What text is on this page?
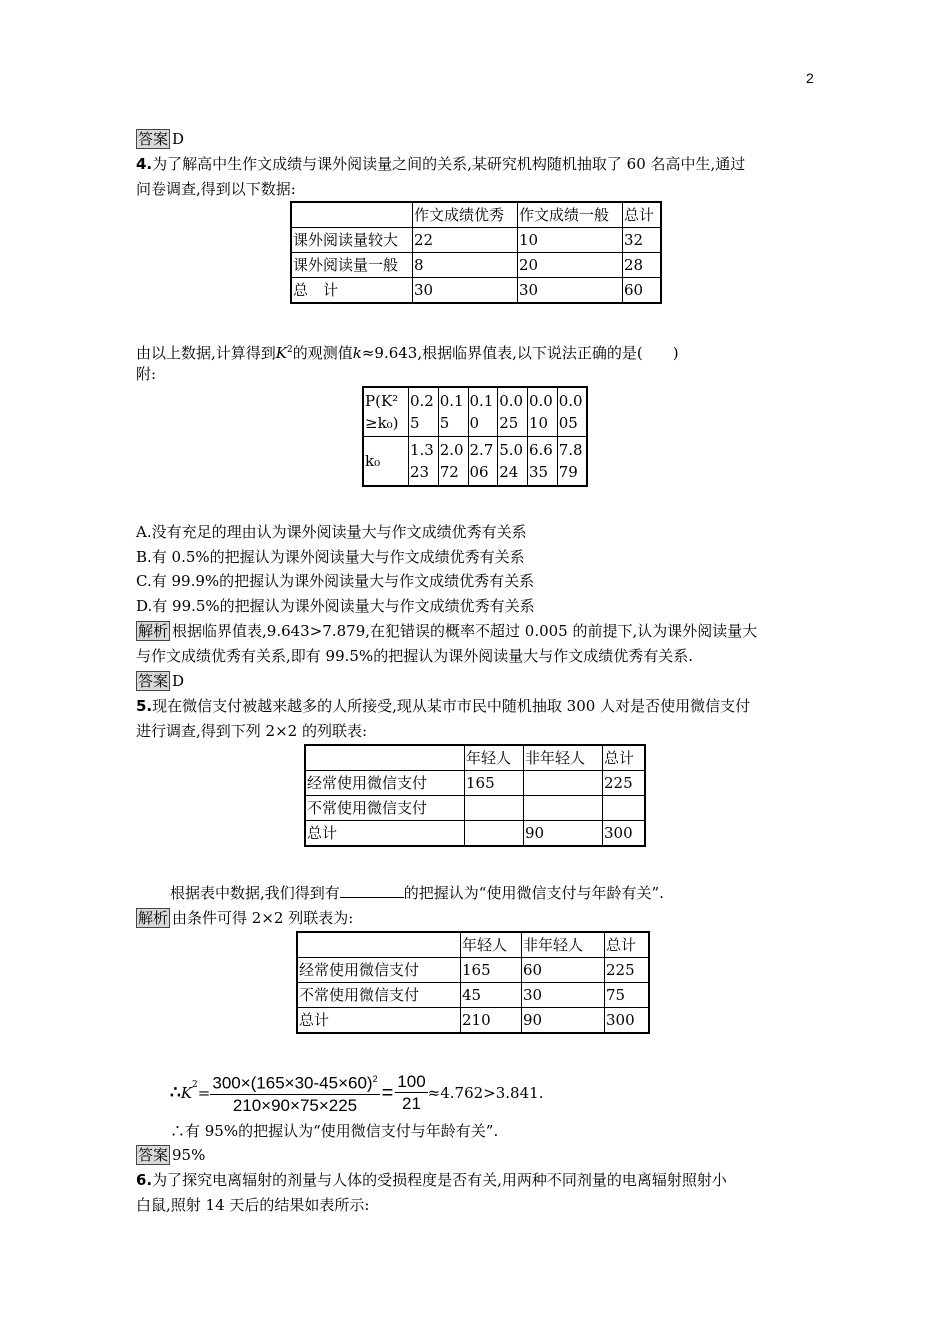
2
答案 D
4.为了解高中生作文成绩与课外阅读量之间的关系,某研究机构随机抽取了 60 名高中生,通过
问卷调查,得到以下数据:
	作文成绩优秀	作文成绩一般	总计
课外阅读量较大	22	10	32
课外阅读量一般	8	20	28
总　计	30	30	60
由以上数据,计算得到$K^2$的观测值k≈9.643,根据临界值表,以下说法正确的是(　　)
附:
P(K²≥k₀)	0.25	0.15	0.10	0.025	0.010	0.005
k₀	1.323	2.072	2.706	5.024	6.635	7.879
A.没有充足的理由认为课外阅读量大与作文成绩优秀有关系
B.有 0.5%的把握认为课外阅读量大与作文成绩优秀有关系
C.有 99.9%的把握认为课外阅读量大与作文成绩优秀有关系
D.有 99.5%的把握认为课外阅读量大与作文成绩优秀有关系
解析 根据临界值表,9.643>7.879,在犯错误的概率不超过 0.005 的前提下,认为课外阅读量大
与作文成绩优秀有关系,即有 99.5%的把握认为课外阅读量大与作文成绩优秀有关系.
答案 D
5.现在微信支付被越来越多的人所接受,现从某市市民中随机抽取 300 人对是否使用微信支付
进行调查,得到下列 2×2 的列联表:
	年轻人	非年轻人	总计
经常使用微信支付	165		225
不常使用微信支付			
总计		90	300
根据表中数据,我们得到有	的把握认为“使用微信支付与年龄有关”.
解析 由条件可得 2×2 列联表为:
	年轻人	非年轻人	总计
经常使用微信支付	165	60	225
不常使用微信支付	45	30	75
总计	210	90	300
∴ K $2 = \frac{300\times(165\times 30-45\times 60)^2}{210\times 90\times 75\times 225} = \frac{100}{21} \approx 4.762>3.841$.
∴有 95%的把握认为“使用微信支付与年龄有关”.
答案 95%
6.为了探究电离辐射的剂量与人体的受损程度是否有关,用两种不同剂量的电离辐射照射小
白鼠,照射 14 天后的结果如表所示:
